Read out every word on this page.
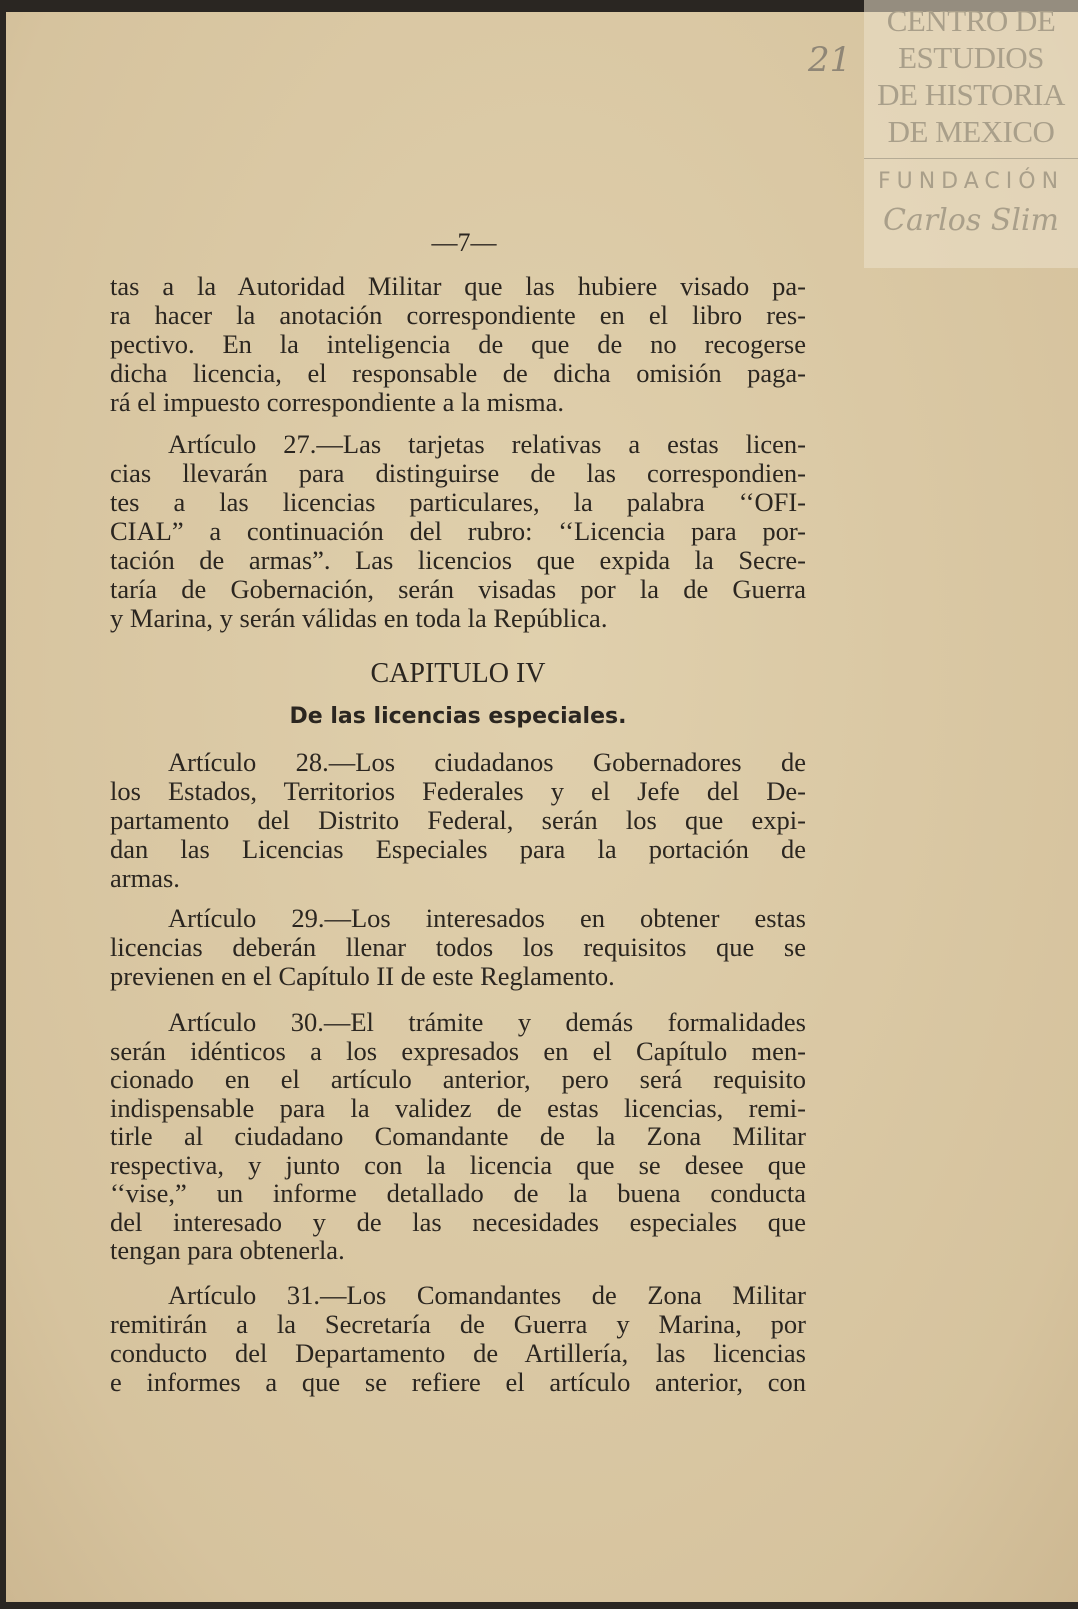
CENTRO DE
ESTUDIOS
DE HISTORIA
DE MEXICO
FUNDACIÓN
Carlos Slim
21
—7—
CAPITULO IV
De las licencias especiales.
tas a la Autoridad Militar que las hubiere visado pa-
ra hacer la anotación correspondiente en el libro res-
pectivo. En la inteligencia de que de no recogerse
dicha licencia, el responsable de dicha omisión paga-
rá el impuesto correspondiente a la misma.
Artículo 27.—Las tarjetas relativas a estas licen-
cias llevarán para distinguirse de las correspondien-
tes a las licencias particulares, la palabra ‘‘OFI-
CIAL” a continuación del rubro: ‘‘Licencia para por-
tación de armas”. Las licencios que expida la Secre-
taría de Gobernación, serán visadas por la de Guerra
y Marina, y serán válidas en toda la República.
Artículo 28.—Los ciudadanos Gobernadores de
los Estados, Territorios Federales y el Jefe del De-
partamento del Distrito Federal, serán los que expi-
dan las Licencias Especiales para la portación de
armas.
Artículo 29.—Los interesados en obtener estas
licencias deberán llenar todos los requisitos que se
previenen en el Capítulo II de este Reglamento.
Artículo 30.—El trámite y demás formalidades
serán idénticos a los expresados en el Capítulo men-
cionado en el artículo anterior, pero será requisito
indispensable para la validez de estas licencias, remi-
tirle al ciudadano Comandante de la Zona Militar
respectiva, y junto con la licencia que se desee que
‘‘vise,” un informe detallado de la buena conducta
del interesado y de las necesidades especiales que
tengan para obtenerla.
Artículo 31.—Los Comandantes de Zona Militar
remitirán a la Secretaría de Guerra y Marina, por
conducto del Departamento de Artillería, las licencias
e informes a que se refiere el artículo anterior, con
